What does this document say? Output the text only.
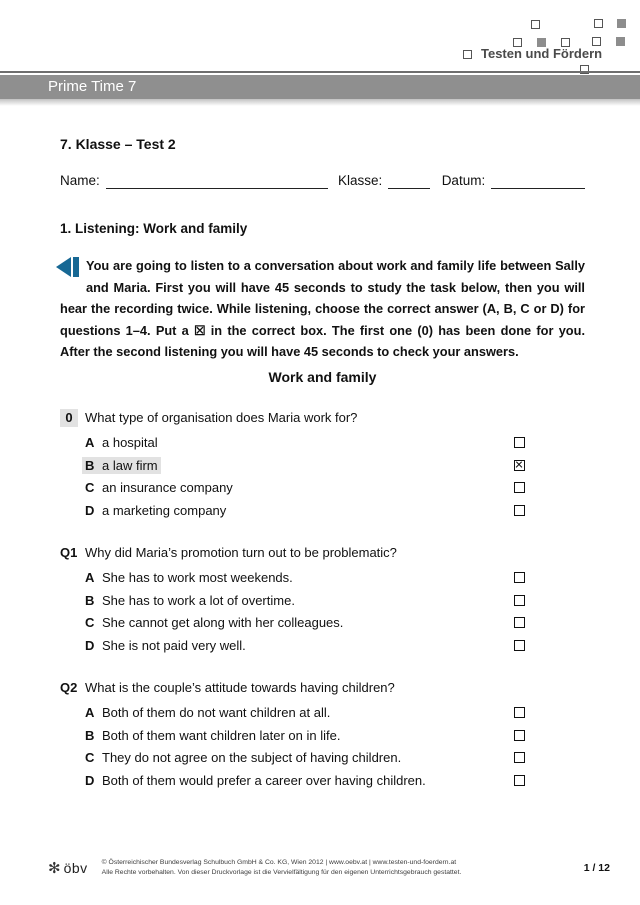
Testen und Fördern
Prime Time 7
7. Klasse – Test 2
Name:	Klasse:	Datum:
1. Listening: Work and family
You are going to listen to a conversation about work and family life between Sally and Maria. First you will have 45 seconds to study the task below, then you will hear the recording twice. While listening, choose the correct answer (A, B, C or D) for questions 1–4. Put a ☒ in the correct box. The first one (0) has been done for you. After the second listening you will have 45 seconds to check your answers.
Work and family
0 What type of organisation does Maria work for?
A a hospital
B a law firm
C an insurance company
D a marketing company
Q1 Why did Maria’s promotion turn out to be problematic?
A She has to work most weekends.
B She has to work a lot of overtime.
C She cannot get along with her colleagues.
D She is not paid very well.
Q2 What is the couple’s attitude towards having children?
A Both of them do not want children at all.
B Both of them want children later on in life.
C They do not agree on the subject of having children.
D Both of them would prefer a career over having children.
✻ öbv © Österreichischer Bundesverlag Schulbuch GmbH & Co. KG, Wien 2012 | www.oebv.at | www.testen-und-foerdern.at
Alle Rechte vorbehalten. Von dieser Druckvorlage ist die Vervielfältigung für den eigenen Unterrichtsgebrauch gestattet.	1 / 12
